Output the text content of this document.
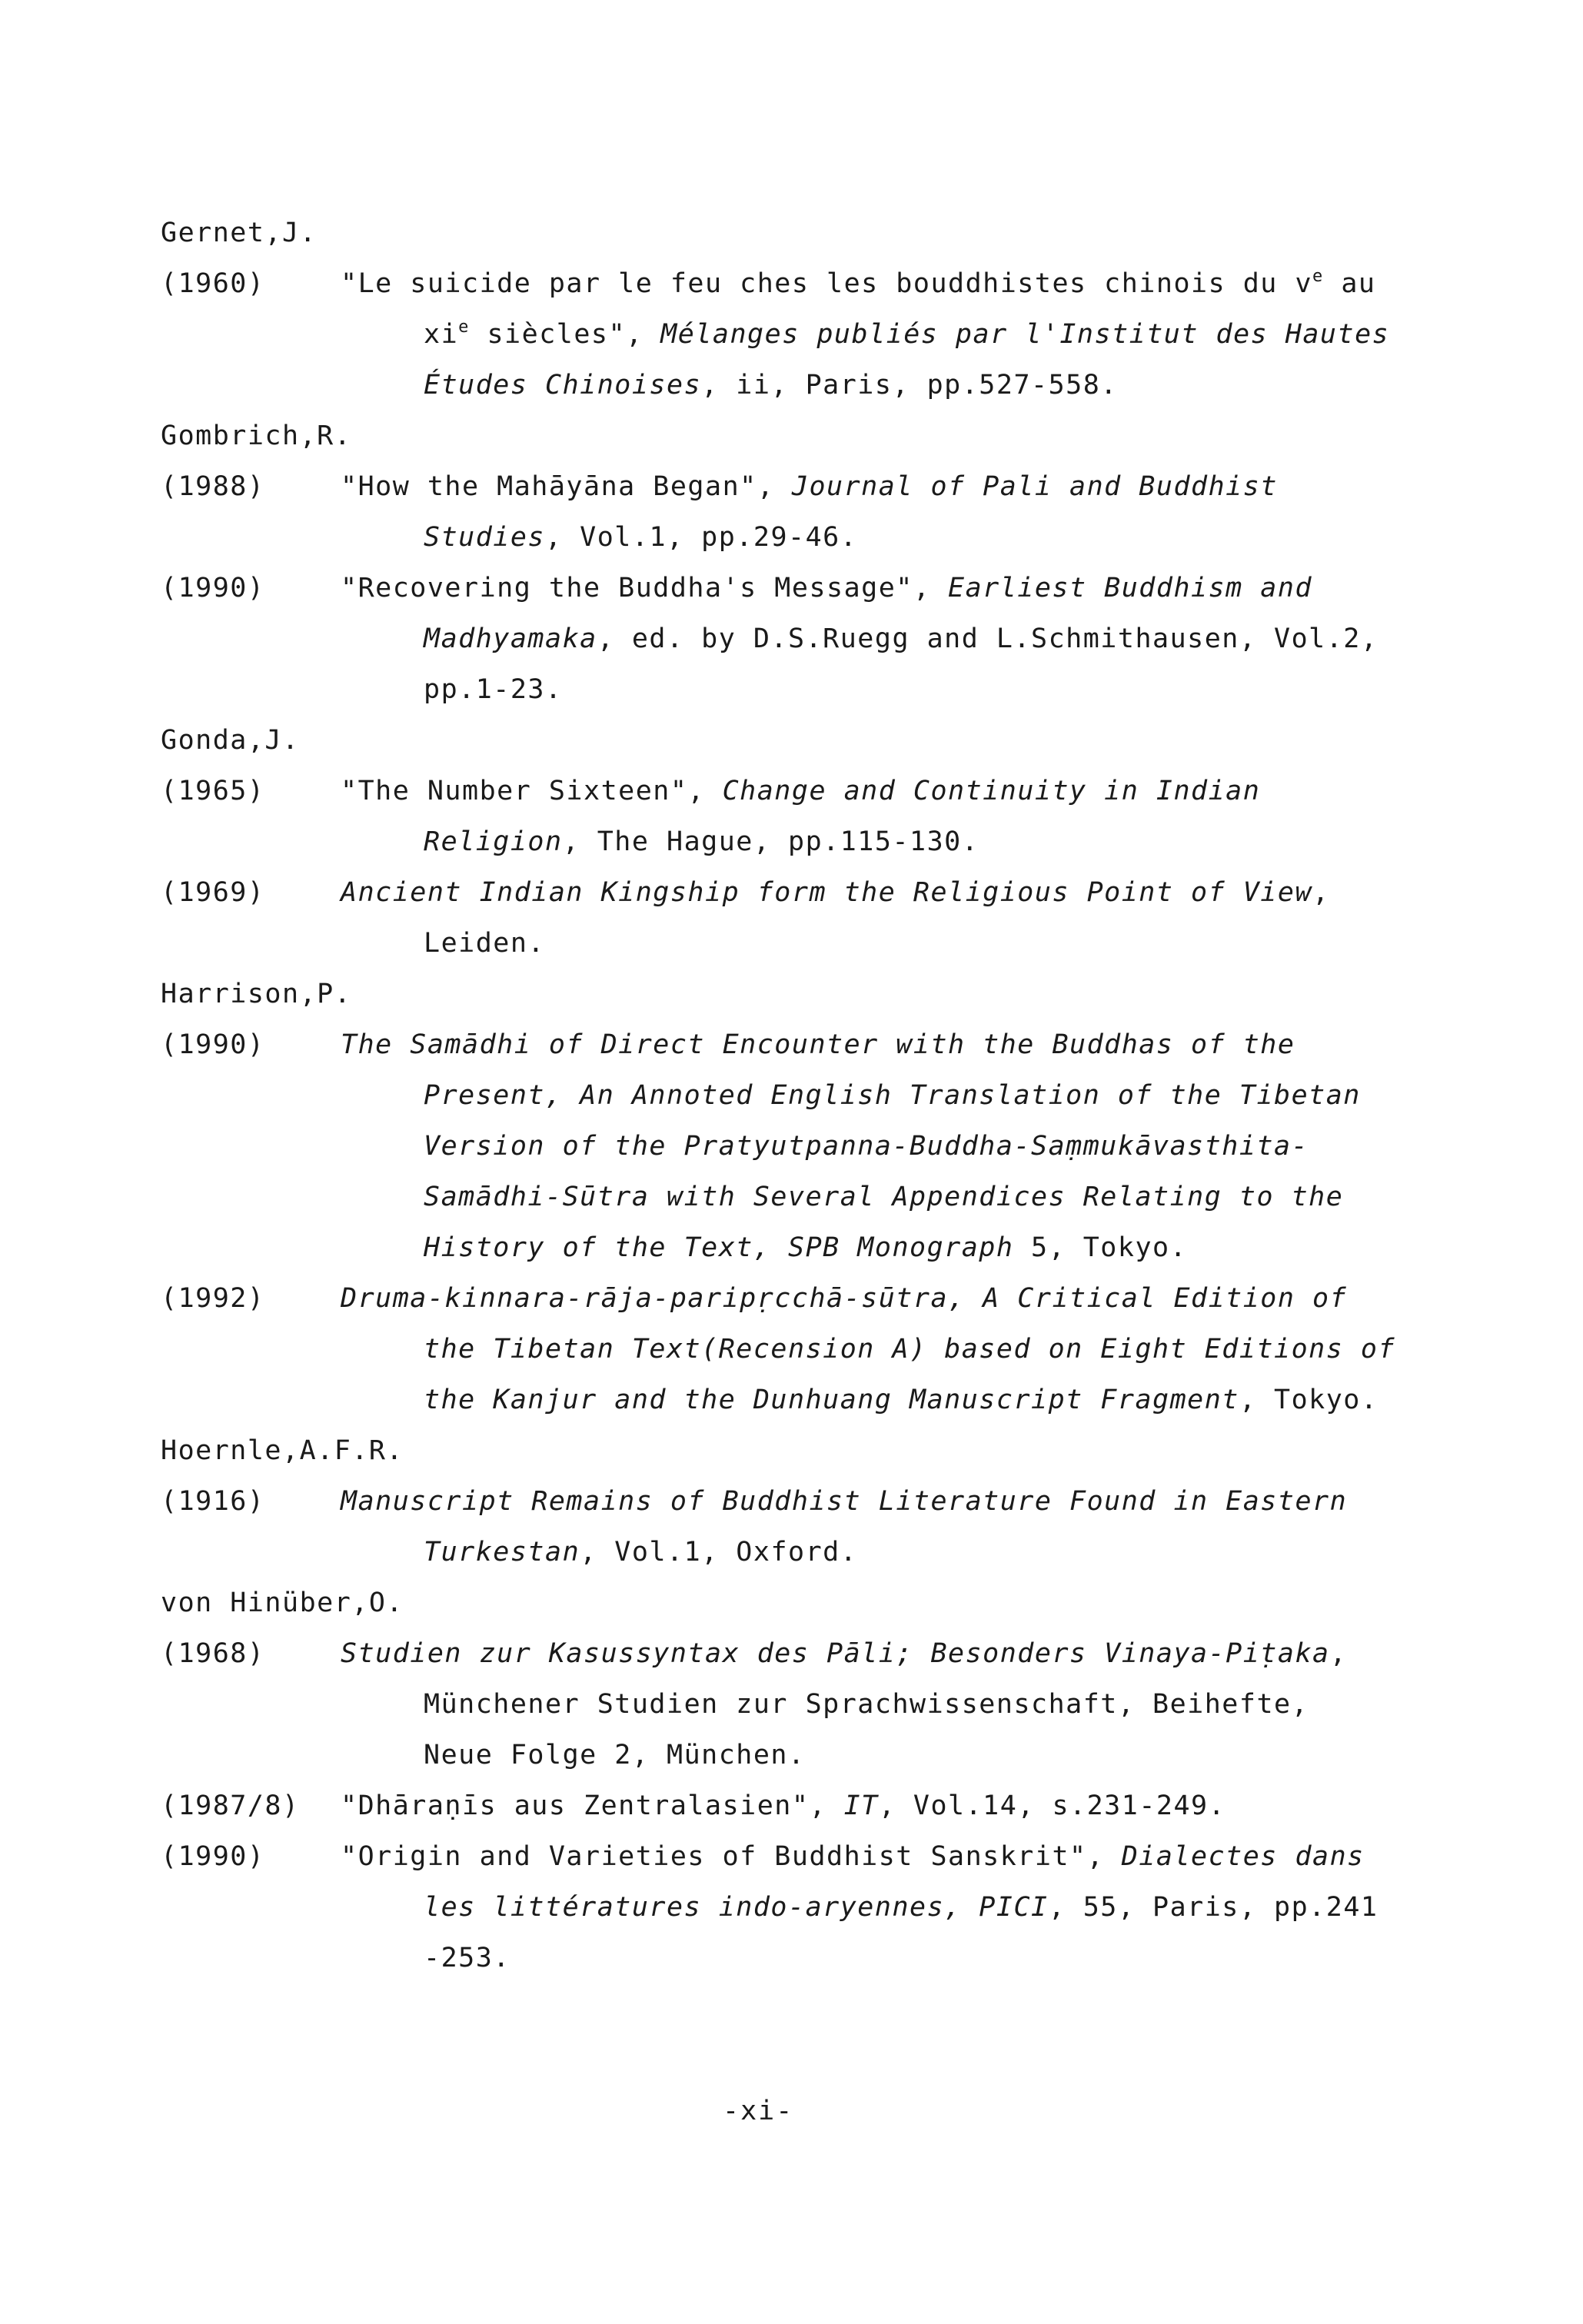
Gernet,J.
(1960)	"Le suicide par le feu ches les bouddhistes chinois du $v^e$ au
$xi^e$ siècles", Mélanges publiés par l'Institut des Hautes
Études Chinoises, ii, Paris, pp.527-558.
Gombrich,R.
(1988)	"How the Mahāyāna Began", Journal of Pali and Buddhist
Studies, Vol.1, pp.29-46.
(1990)	"Recovering the Buddha's Message", Earliest Buddhism and
Madhyamaka, ed. by D.S.Ruegg and L.Schmithausen, Vol.2,
pp.1-23.
Gonda,J.
(1965)	"The Number Sixteen", Change and Continuity in Indian
Religion, The Hague, pp.115-130.
(1969)	Ancient Indian Kingship form the Religious Point of View,
Leiden.
Harrison,P.
(1990)	The Samādhi of Direct Encounter with the Buddhas of the
Present, An Annoted English Translation of the Tibetan
Version of the Pratyutpanna-Buddha-Saṃmukāvasthita-
Samādhi-Sūtra with Several Appendices Relating to the
History of the Text, SPB Monograph 5, Tokyo.
(1992)	Druma-kinnara-rāja-paripṛcchā-sūtra, A Critical Edition of
the Tibetan Text(Recension A) based on Eight Editions of
the Kanjur and the Dunhuang Manuscript Fragment, Tokyo.
Hoernle,A.F.R.
(1916)	Manuscript Remains of Buddhist Literature Found in Eastern
Turkestan, Vol.1, Oxford.
von Hinüber,O.
(1968)	Studien zur Kasussyntax des Pāli; Besonders Vinaya-Piṭaka,
Münchener Studien zur Sprachwissenschaft, Beihefte,
Neue Folge 2, München.
(1987/8) "Dhāraṇīs aus Zentralasien", IT, Vol.14, s.231-249.
(1990)	"Origin and Varieties of Buddhist Sanskrit", Dialectes dans
les littératures indo-aryennes, PICI, 55, Paris, pp.241
-253.
-xi-
